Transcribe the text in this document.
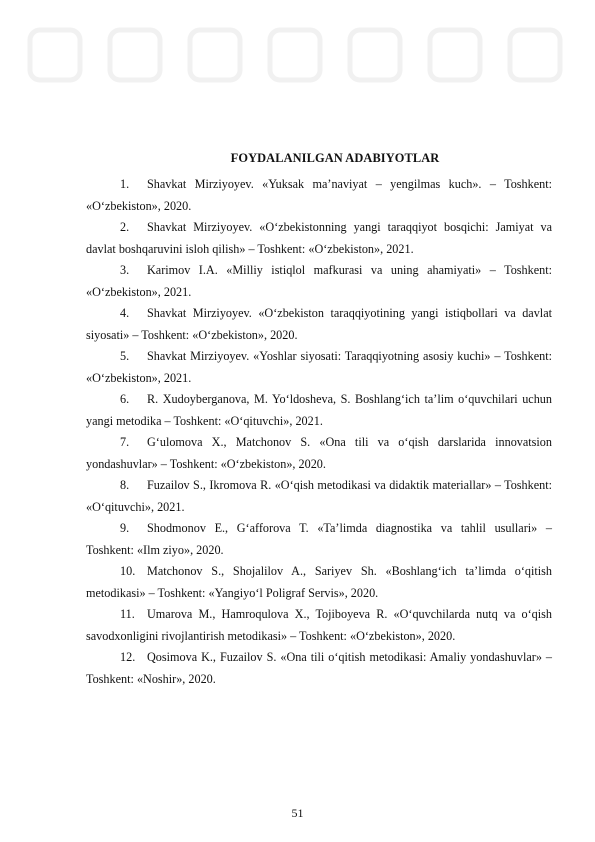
FOYDALANILGAN ADABIYOTLAR
1. Shavkat Mirziyoyev. «Yuksak ma’naviyat – yengilmas kuch». – Toshkent: «O‘zbekiston», 2020.
2. Shavkat Mirziyoyev. «O‘zbekistonning yangi taraqqiyot bosqichi: Jamiyat va davlat boshqaruvini isloh qilish» – Toshkent: «O‘zbekiston», 2021.
3. Karimov I.A. «Milliy istiqlol mafkurasi va uning ahamiyati» – Toshkent: «O‘zbekiston», 2021.
4. Shavkat Mirziyoyev. «O‘zbekiston taraqqiyotining yangi istiqbollari va davlat siyosati» – Toshkent: «O‘zbekiston», 2020.
5. Shavkat Mirziyoyev. «Yoshlar siyosati: Taraqqiyotning asosiy kuchi» – Toshkent: «O‘zbekiston», 2021.
6. R. Xudoyberganova, M. Yo‘ldosheva, S. Boshlang‘ich ta’lim o‘quvchilari uchun yangi metodika – Toshkent: «O‘qituvchi», 2021.
7. G‘ulomova X., Matchonov S. «Ona tili va o‘qish darslarida innovatsion yondashuvlar» – Toshkent: «O‘zbekiston», 2020.
8. Fuzailov S., Ikromova R. «O‘qish metodikasi va didaktik materiallar» – Toshkent: «O‘qituvchi», 2021.
9. Shodmonov E., G‘afforova T. «Ta’limda diagnostika va tahlil usullari» – Toshkent: «Ilm ziyo», 2020.
10. Matchonov S., Shojalilov A., Sariyev Sh. «Boshlang‘ich ta’limda o‘qitish metodikasi» – Toshkent: «Yangiyo‘l Poligraf Servis», 2020.
11. Umarova M., Hamroqulova X., Tojiboyeva R. «O‘quvchilarda nutq va o‘qish savodxonligini rivojlantirish metodikasi» – Toshkent: «O‘zbekiston», 2020.
12. Qosimova K., Fuzailov S. «Ona tili o‘qitish metodikasi: Amaliy yondashuvlar» – Toshkent: «Noshir», 2020.
51
